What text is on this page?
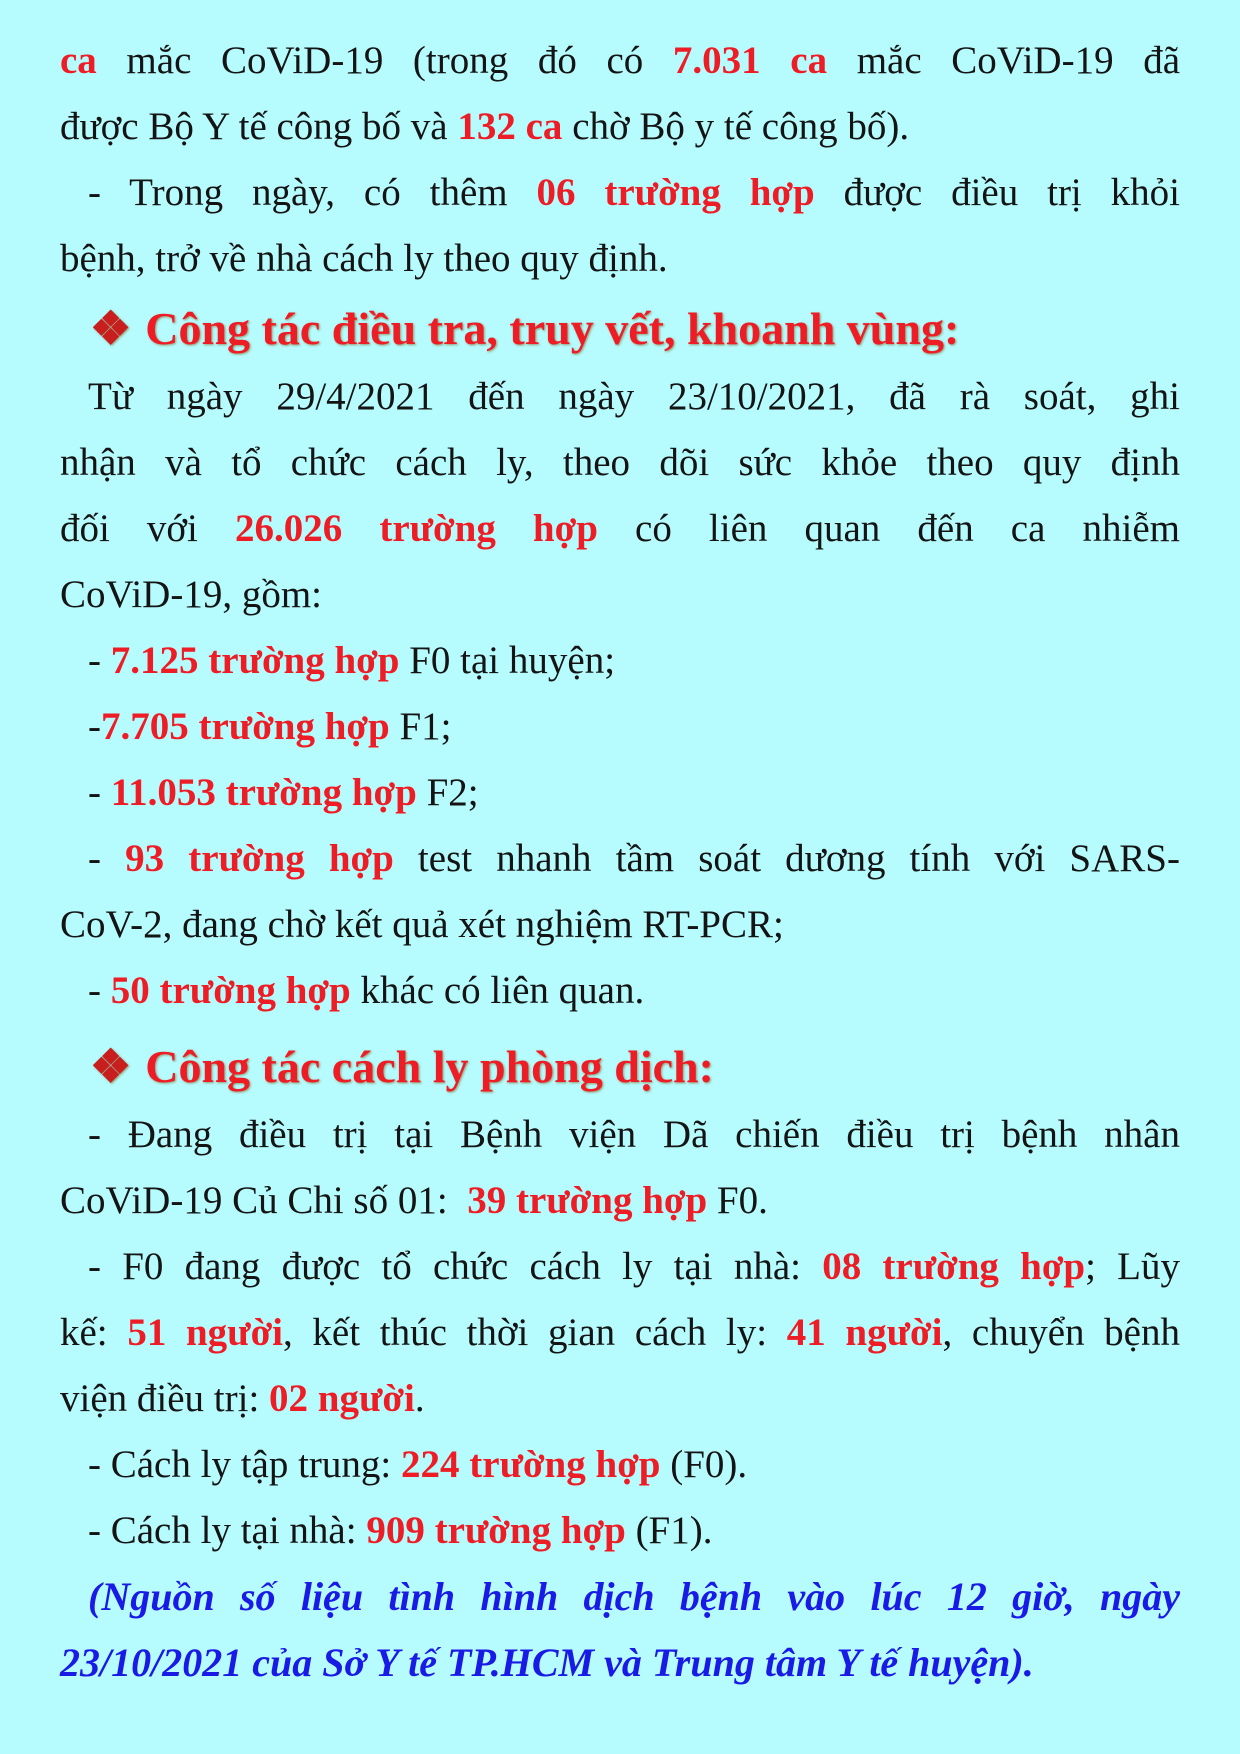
ca mắc CoViD-19 (trong đó có 7.031 ca mắc CoViD-19 đã
được Bộ Y tế công bố và 132 ca chờ Bộ y tế công bố).
- Trong ngày, có thêm 06 trường hợp được điều trị khỏi
bệnh, trở về nhà cách ly theo quy định.
❖ Công tác điều tra, truy vết, khoanh vùng:
Từ ngày 29/4/2021 đến ngày 23/10/2021, đã rà soát, ghi
nhận và tổ chức cách ly, theo dõi sức khỏe theo quy định
đối với 26.026 trường hợp có liên quan đến ca nhiễm
CoViD-19, gồm:
- 7.125 trường hợp F0 tại huyện;
-7.705 trường hợp F1;
- 11.053 trường hợp F2;
- 93 trường hợp test nhanh tầm soát dương tính với SARS-
CoV-2, đang chờ kết quả xét nghiệm RT-PCR;
- 50 trường hợp khác có liên quan.
❖ Công tác cách ly phòng dịch:
- Đang điều trị tại Bệnh viện Dã chiến điều trị bệnh nhân
CoViD-19 Củ Chi số 01:  39 trường hợp F0.
- F0 đang được tổ chức cách ly tại nhà: 08 trường hợp; Lũy
kế: 51 người, kết thúc thời gian cách ly: 41 người, chuyển bệnh
viện điều trị: 02 người.
- Cách ly tập trung: 224 trường hợp (F0).
- Cách ly tại nhà: 909 trường hợp (F1).
(Nguồn số liệu tình hình dịch bệnh vào lúc 12 giờ, ngày
23/10/2021 của Sở Y tế TP.HCM và Trung tâm Y tế huyện).
